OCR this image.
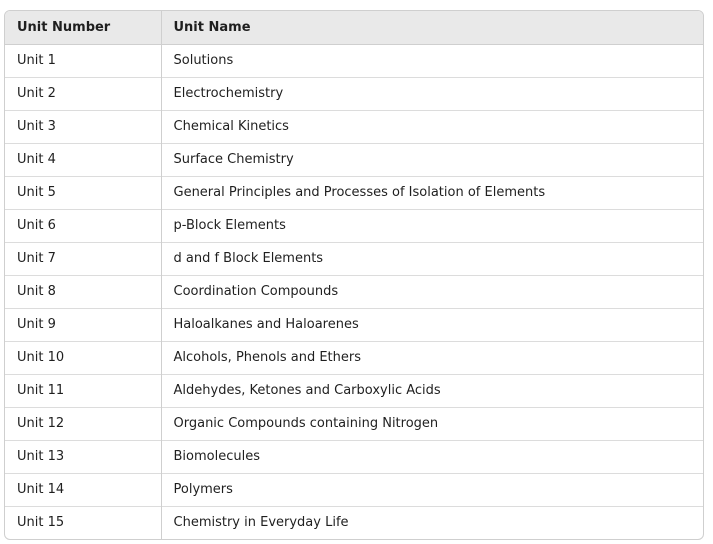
Unit Number	Unit Name
Unit 1	Solutions
Unit 2	Electrochemistry
Unit 3	Chemical Kinetics
Unit 4	Surface Chemistry
Unit 5	General Principles and Processes of Isolation of Elements
Unit 6	p-Block Elements
Unit 7	d and f Block Elements
Unit 8	Coordination Compounds
Unit 9	Haloalkanes and Haloarenes
Unit 10	Alcohols, Phenols and Ethers
Unit 11	Aldehydes, Ketones and Carboxylic Acids
Unit 12	Organic Compounds containing Nitrogen
Unit 13	Biomolecules
Unit 14	Polymers
Unit 15	Chemistry in Everyday Life
